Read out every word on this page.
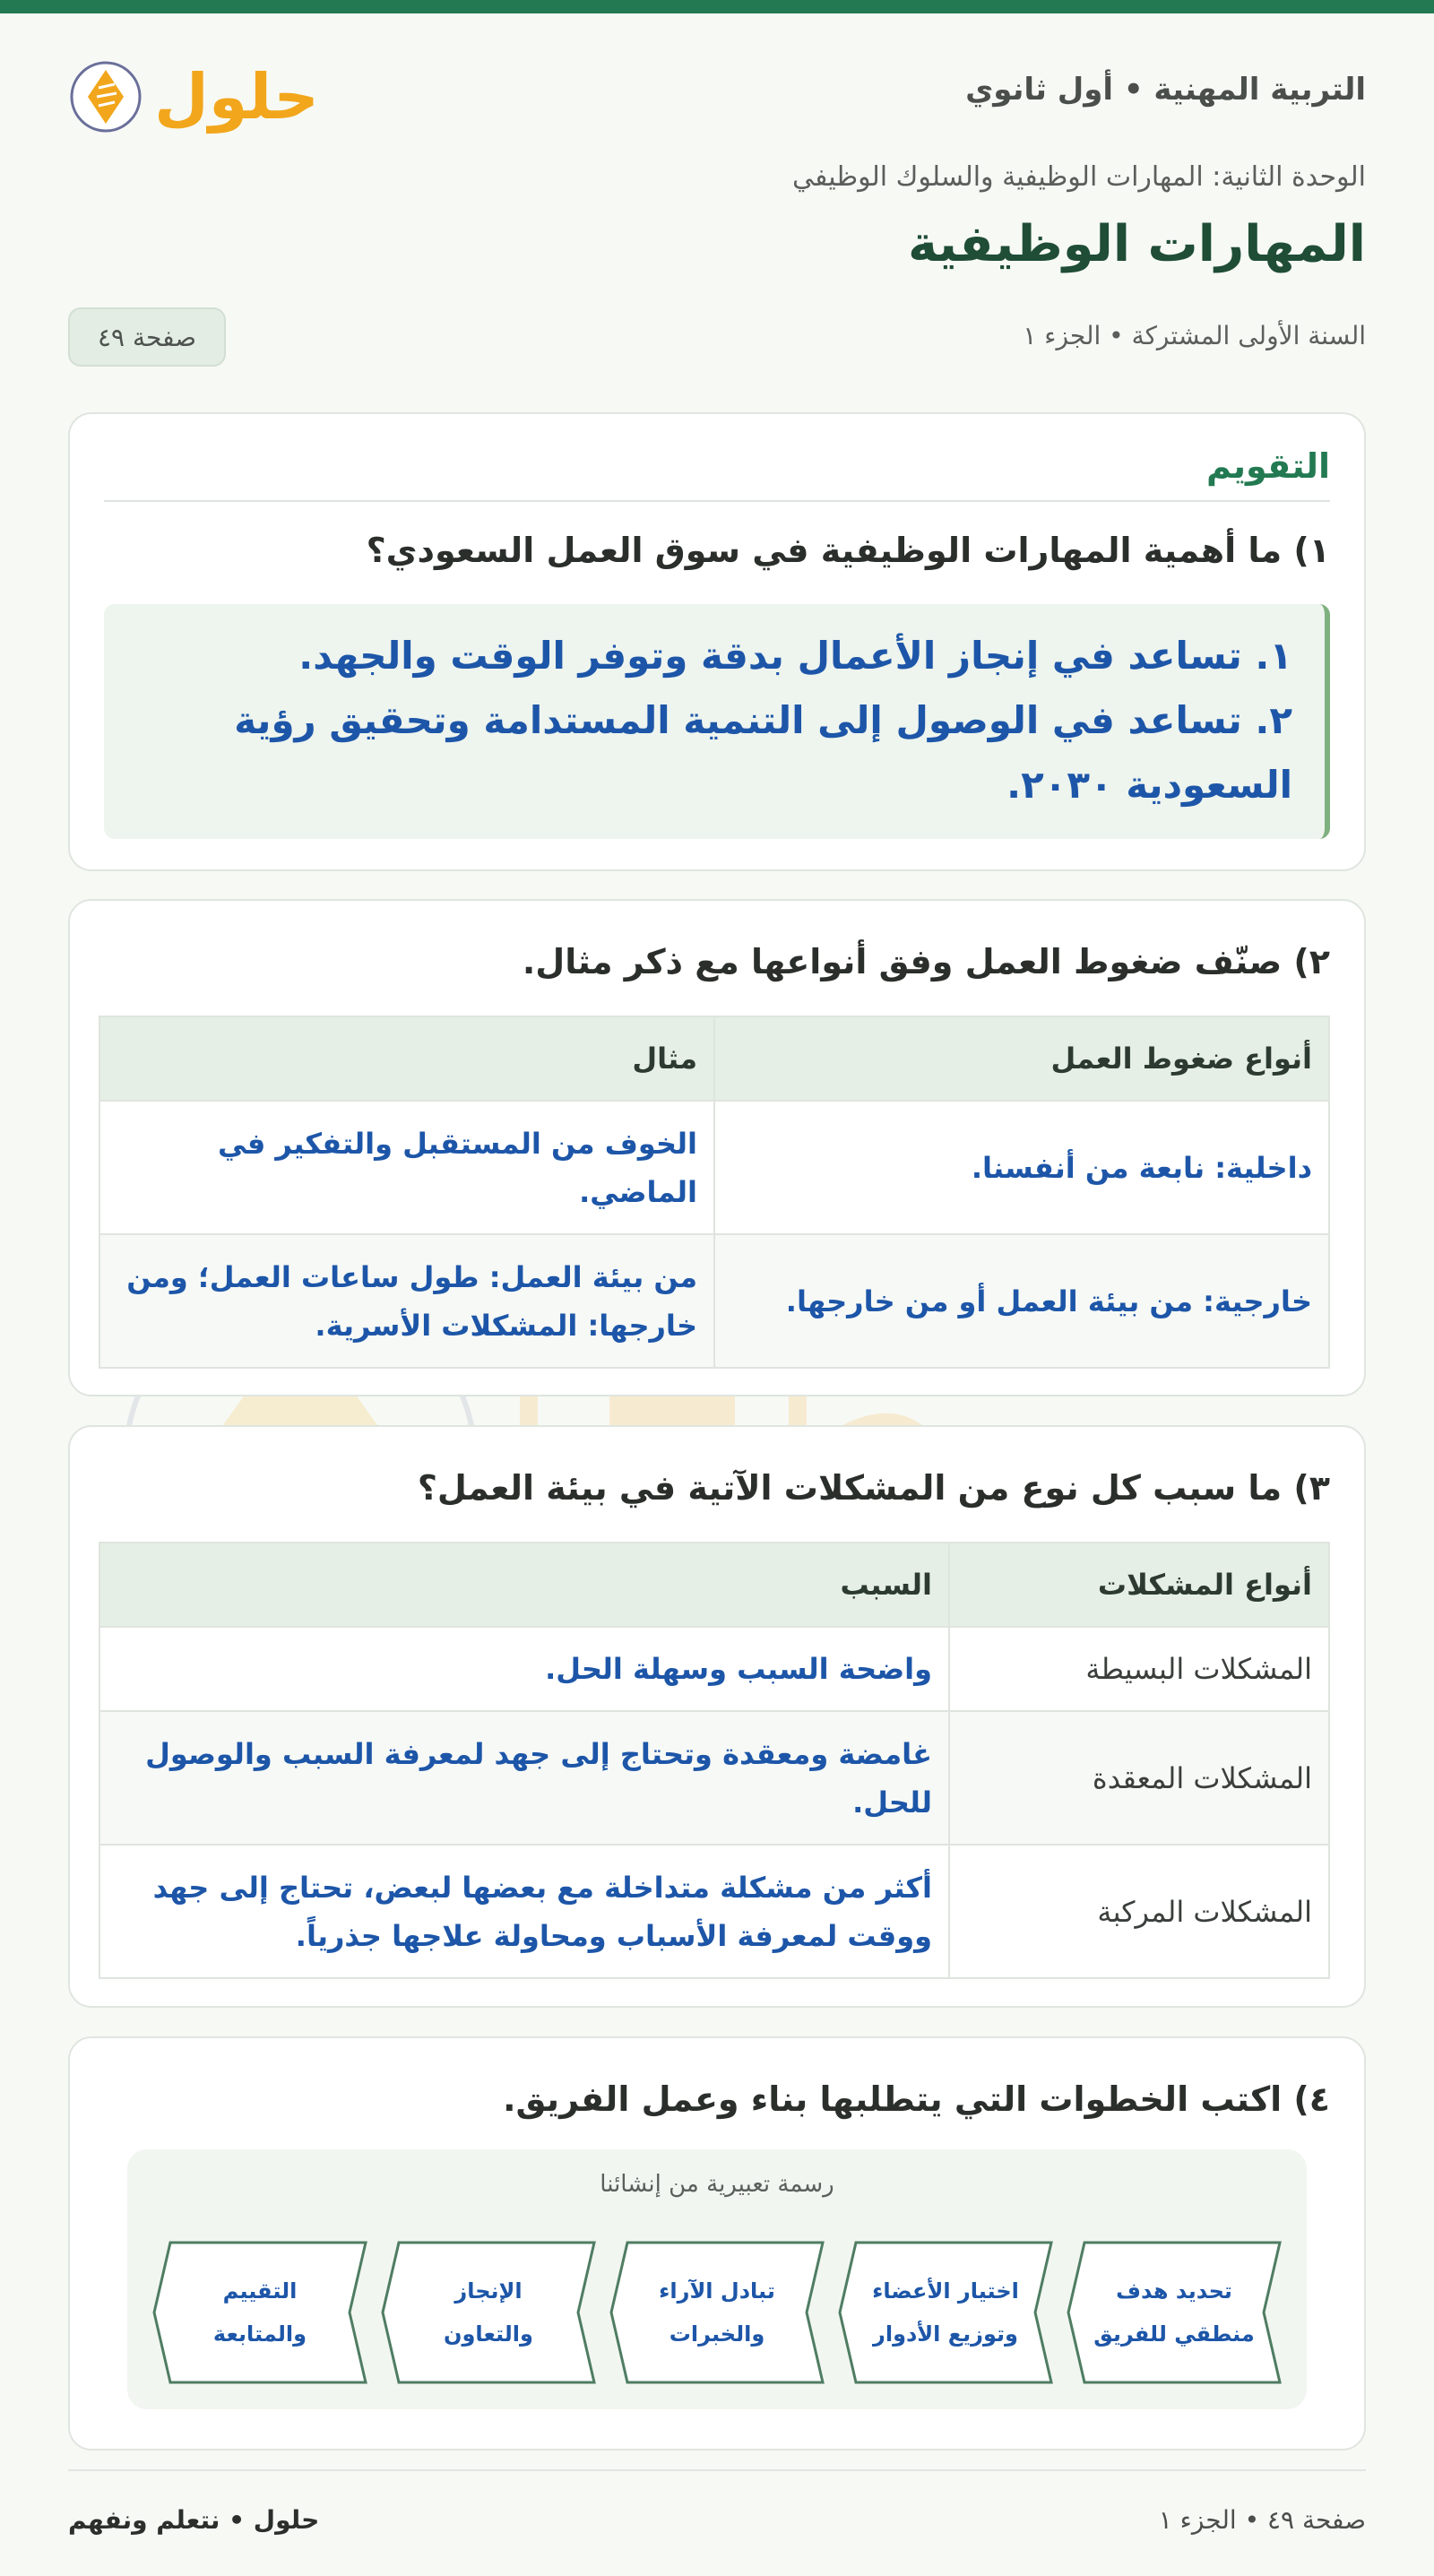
التربية المهنية • أول ثانوي
حلول
الوحدة الثانية: المهارات الوظيفية والسلوك الوظيفي
المهارات الوظيفية
السنة الأولى المشتركة • الجزء ١
صفحة ٤٩
التقويم
١) ما أهمية المهارات الوظيفية في سوق العمل السعودي؟
١. تساعد في إنجاز الأعمال بدقة وتوفر الوقت والجهد.
٢. تساعد في الوصول إلى التنمية المستدامة وتحقيق رؤية
السعودية ٢٠٣٠.
٢) صنّف ضغوط العمل وفق أنواعها مع ذكر مثال.
أنواع ضغوط العمل	مثال
داخلية: نابعة من أنفسنا.	الخوف من المستقبل والتفكير في الماضي.
خارجية: من بيئة العمل أو من خارجها.	من بيئة العمل: طول ساعات العمل؛ ومن خارجها: المشكلات الأسرية.
٣) ما سبب كل نوع من المشكلات الآتية في بيئة العمل؟
أنواع المشكلات	السبب
المشكلات البسيطة	واضحة السبب وسهلة الحل.
المشكلات المعقدة	غامضة ومعقدة وتحتاج إلى جهد لمعرفة السبب والوصول للحل.
المشكلات المركبة	أكثر من مشكلة متداخلة مع بعضها لبعض، تحتاج إلى جهد ووقت لمعرفة الأسباب ومحاولة علاجها جذرياً.
٤) اكتب الخطوات التي يتطلبها بناء وعمل الفريق.
رسمة تعبيرية من إنشائنا
تحديد هدف
منطقي للفريق
اختيار الأعضاء
وتوزيع الأدوار
تبادل الآراء
والخبرات
الإنجاز
والتعاون
التقييم
والمتابعة
صفحة ٤٩ • الجزء ١
حلول • نتعلم ونفهم
